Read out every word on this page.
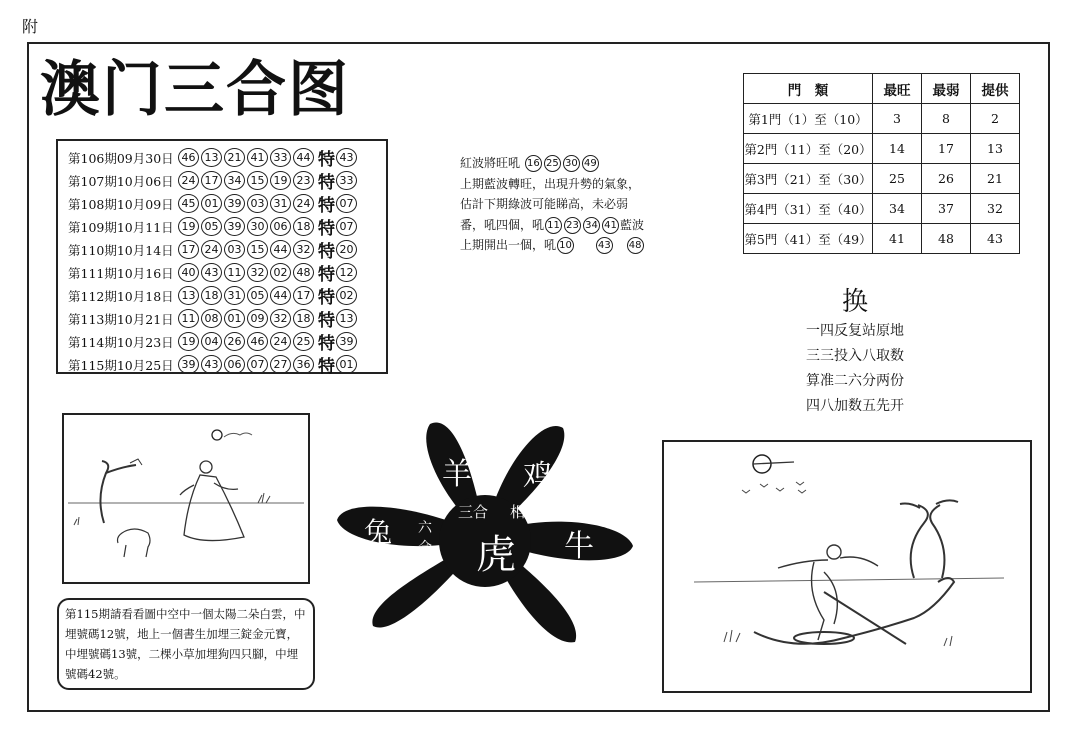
附
澳门三合图
第106期09月30日 46 13 21 41 33 44 特 43
第107期10月06日 24 17 34 15 19 23 特 33
第108期10月09日 45 01 39 03 31 24 特 07
第109期10月11日 19 05 39 30 06 18 特 07
第110期10月14日 17 24 03 15 44 32 特 20
第111期10月16日 40 43 11 32 02 48 特 12
第112期10月18日 13 18 31 05 44 17 特 02
第113期10月21日 11 08 01 09 32 18 特 13
第114期10月23日 19 04 26 46 24 25 特 39
第115期10月25日 39 43 06 07 27 36 特 01
紅波將旺吼 16 25 30 49
上期藍波轉旺，出現升勢的氣象，
估計下期綠波可能睇高，未必弱
番，吼四個，吼 11 23 34 41 藍波
上期開出一個，吼 10	43 48
門　類	最旺	最弱	提供
第1門（1）至（10）	3	8	2
第2門（11）至（20）	14	17	13
第3門（21）至（30）	25	26	21
第4門（31）至（40）	34	37	32
第5門（41）至（49）	41	48	43
换
一四反复站原地
三三投入八取数
算准二六分两份
四八加数五先开
第115期請看看圖中空中一個太陽二朵白雲，中埋號碼12號，地上一個書生加埋三錠金元寶，中埋號碼13號，二棵小草加埋狗四只腳，中埋號碼42號。
羊 鸡
兔	牛
虎
三合 相冲
六
合
